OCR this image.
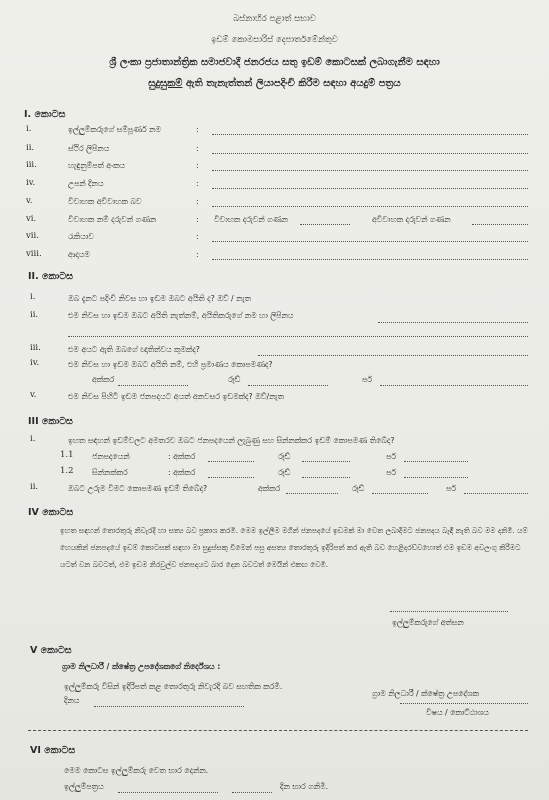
බස්නාහිර පළාත් සභාව
ඉඩම් කොමසාරිස් දෙපාර්තමේන්තුව
ශ්‍රී ලංකා ප්‍රජාතාන්ත්‍රික සමාජවාදී ජනරජය සතු ඉඩම් කොටසක් ලබාගැනීම සඳහා
සුදුසුකම් ඇති තැනැත්තන් ලියාපදිංචි කිරීම සඳහා අයදුම් පත්‍රය
I. කොටස
i.	ඉල්ලුම්කරුගේ සම්පූර්ණ නම	:
ii.	ස්ථිර ලිපිනය	:
iii.	හැඳුනුම්පත් අංකය	:
iv.	උපන් දිනය	:
v.	විවාහක අවිවාහක බව	:
vi.	විවාහක නම් දරුවන් ගණන	: විවාහක දරුවන් ගණන	අවිවාහක දරුවන් ගණන
vii.	රැකියාව	:
viii.	ආදායම	:
II. කොටස
i.	ඔබ දැනට පදිංචි නිවස හා ඉඩම ඔබට අයිති ද? ඔව් / නැත
ii.	එම නිවස හා ඉඩම ඔබට අයිති නැත්නම්, අයිතිකරුගේ නම හා ලිපිනය
iii.	එම අයට ඇති ඔබගේ ඥාතිත්වය කුමක්ද?
iv.	එම නිවස හා ඉඩම ඔබට අයිති නම්, එහි ප්‍රමාණය කොපමණද?
අක්කර	රූඩ්	පර්
v.	එම නිවස පිහිටි ඉඩම ජනපදයට අයත් අනවසර ඉඩමක්ද? ඔව්/නැත
III කොටස
i.	ඉහත සඳහන් ඉඩම්වලට අමතරව ඔබට ජනපදයෙන් ලැබුණු සහ සින්නක්කර ඉඩම් කොපමණ තිබේද?
1.1 ජනපදයෙන්	: අක්කර	රූඩ්	පර්
1.2 සින්නක්කර	: අක්කර	රූඩ්	පර්
ii.	ඔබට උරුම විමට කොපමණ ඉඩම් තිබේද?	අක්කර	රූඩ්	පර්
IV කොටස
ඉහත සඳහන් තොරතුරු නිවැරදි හා සත්‍ය බව ප්‍රකාශ කරමි. මෙම ඉල්ලීම මගින් ජනපදයේ ඉඩමක් මා වෙත ලබාදීමට ජනපදය බැඳී නැති බව මම දනිමි. යම් හෙයකින් ජනපදයේ ඉඩම් කොටසක් සඳහා මා සුදුස්සකු වීමෙන් පසු අසත්‍ය තොරතුරු ඉදිරිපත් කර ඇති බව හෙළිදරව්වහොත් එම ඉඩම අවලංගු කිරීමට යටත් වන බවටත්, එම ඉඩම නිරවුල්ව ජනපදයට බාර දෙන බවටත් මෙයින් එකඟ වෙමි.
ඉල්ලුම්කරුගේ අත්සන
V කොටස
ග්‍රාම නිලධාරී / ක්ෂේත්‍ර උපදේශකගේ නිර්දේශය :
ඉල්ලුම්කරු විසින් ඉදිරිපත් කළ තොරතුරු නිවැරදි බව සහතික කරමි.
දිනය
ග්‍රාම නිලධාරී / ක්ෂේත්‍ර උපදේශක
විෂය / කොට්ඨාශය
VI කොටස
මෙම කොටස ඉල්ලුම්කරු වෙත භාර දෙන්න.
ඉල්ලුම්පත්‍රය	දින භාර ගනිමි.
